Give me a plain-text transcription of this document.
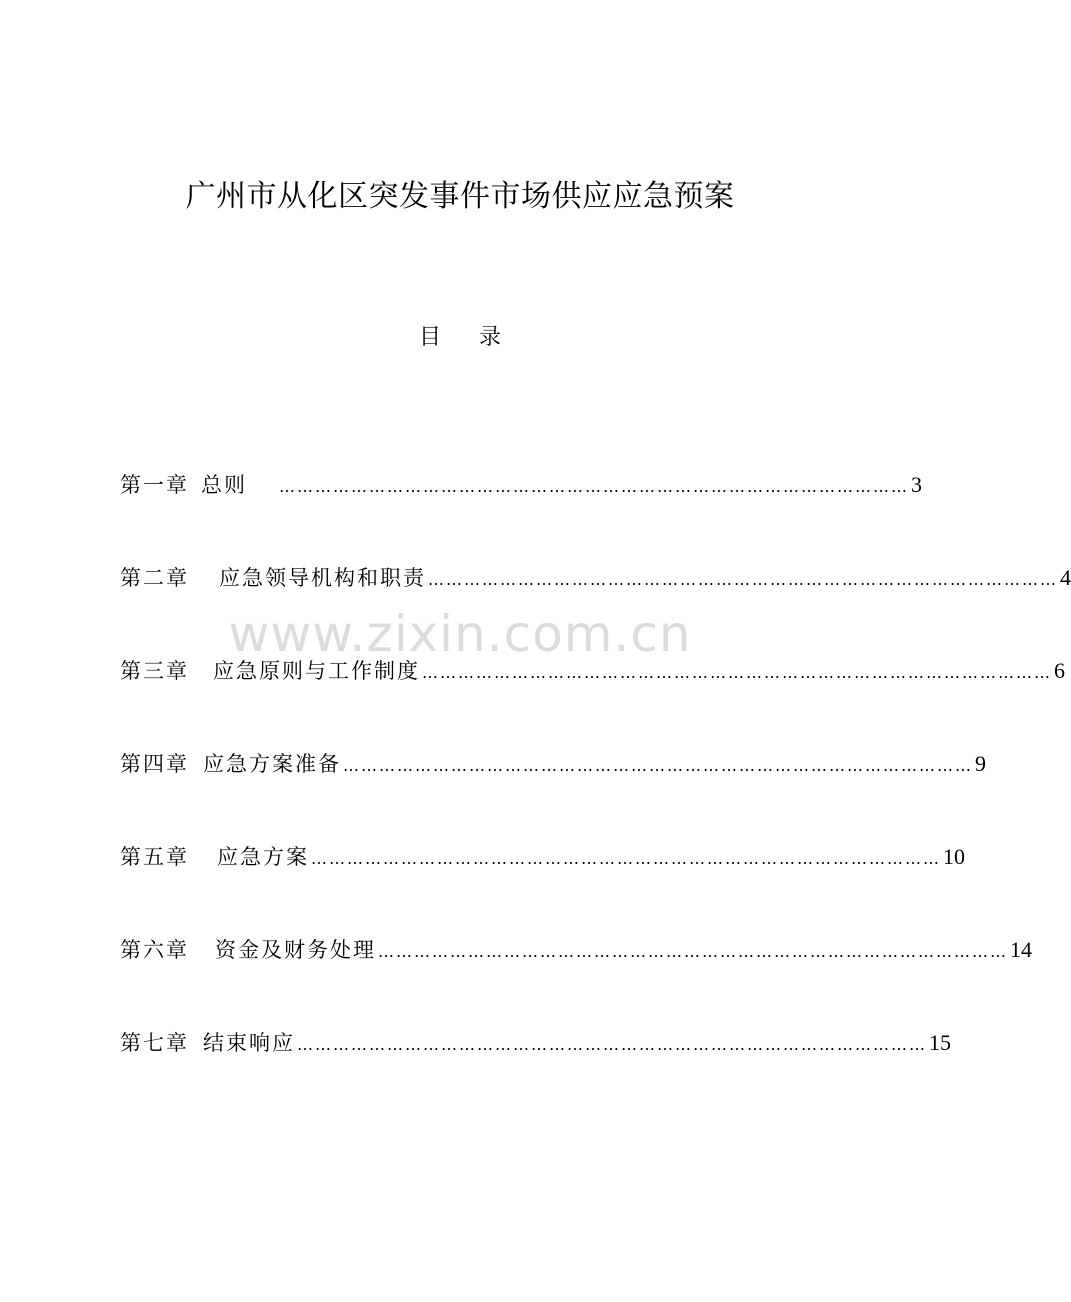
广州市从化区突发事件市场供应应急预案
目 录
www.zixin.com.cn
第一章 总则 …………………………………………………………………………………………… 3
第二章 应急领导机构和职责 …………………………………………………………………………………………… 4
第三章 应急原则与工作制度 …………………………………………………………………………………………… 6
第四章 应急方案准备 …………………………………………………………………………………………… 9
第五章 应急方案 …………………………………………………………………………………………… 10
第六章 资金及财务处理 …………………………………………………………………………………………… 14
第七章 结束响应 …………………………………………………………………………………………… 15
